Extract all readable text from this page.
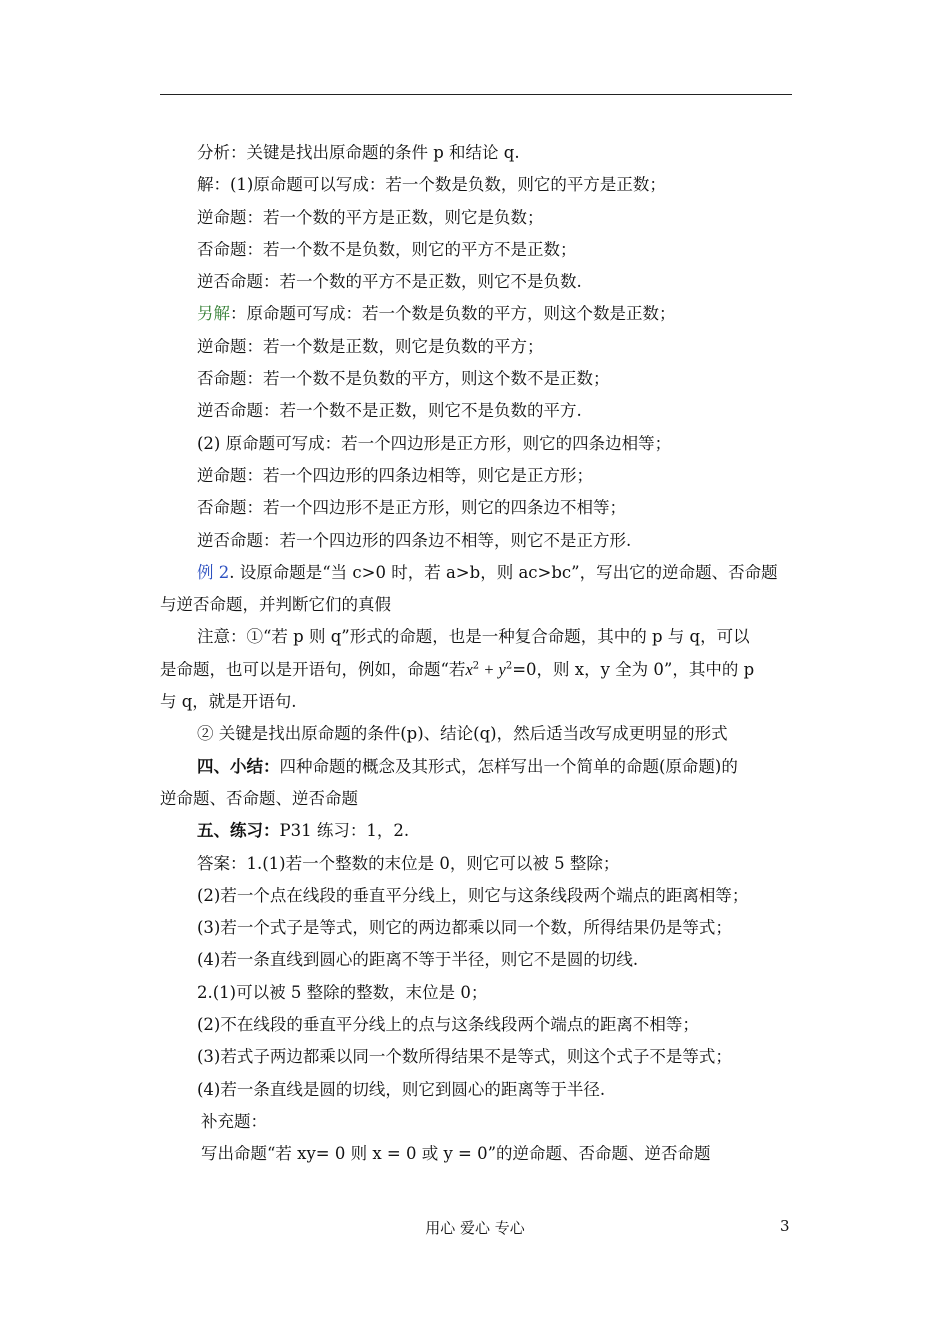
分析：关键是找出原命题的条件 p 和结论 q.
解：(1)原命题可以写成：若一个数是负数，则它的平方是正数；
逆命题：若一个数的平方是正数，则它是负数；
否命题：若一个数不是负数，则它的平方不是正数；
逆否命题：若一个数的平方不是正数，则它不是负数.
另解：原命题可写成：若一个数是负数的平方，则这个数是正数；
逆命题：若一个数是正数，则它是负数的平方；
否命题：若一个数不是负数的平方，则这个数不是正数；
逆否命题：若一个数不是正数，则它不是负数的平方.
(2) 原命题可写成：若一个四边形是正方形，则它的四条边相等；
逆命题：若一个四边形的四条边相等，则它是正方形；
否命题：若一个四边形不是正方形，则它的四条边不相等；
逆否命题：若一个四边形的四条边不相等，则它不是正方形.
例 2. 设原命题是“当 c>0 时，若 a>b，则 ac>bc”，写出它的逆命题、否命题
与逆否命题，并判断它们的真假
注意：①“若 p 则 q”形式的命题，也是一种复合命题，其中的 p 与 q，可以
是命题，也可以是开语句，例如，命题“若$x^2 + y^2=0$，则 x，y 全为 0”，其中的 p
与 q，就是开语句.
② 关键是找出原命题的条件(p)、结论(q)，然后适当改写成更明显的形式
四、小结：四种命题的概念及其形式，怎样写出一个简单的命题(原命题)的
逆命题、否命题、逆否命题
五、练习：P31 练习：1，2.
答案：1.(1)若一个整数的末位是 0，则它可以被 5 整除；
(2)若一个点在线段的垂直平分线上，则它与这条线段两个端点的距离相等；
(3)若一个式子是等式，则它的两边都乘以同一个数，所得结果仍是等式；
(4)若一条直线到圆心的距离不等于半径，则它不是圆的切线.
2.(1)可以被 5 整除的整数，末位是 0；
(2)不在线段的垂直平分线上的点与这条线段两个端点的距离不相等；
(3)若式子两边都乘以同一个数所得结果不是等式，则这个式子不是等式；
(4)若一条直线是圆的切线，则它到圆心的距离等于半径.
补充题：
写出命题“若 xy= 0 则 x = 0 或 y = 0”的逆命题、否命题、逆否命题
用心 爱心 专心	3
